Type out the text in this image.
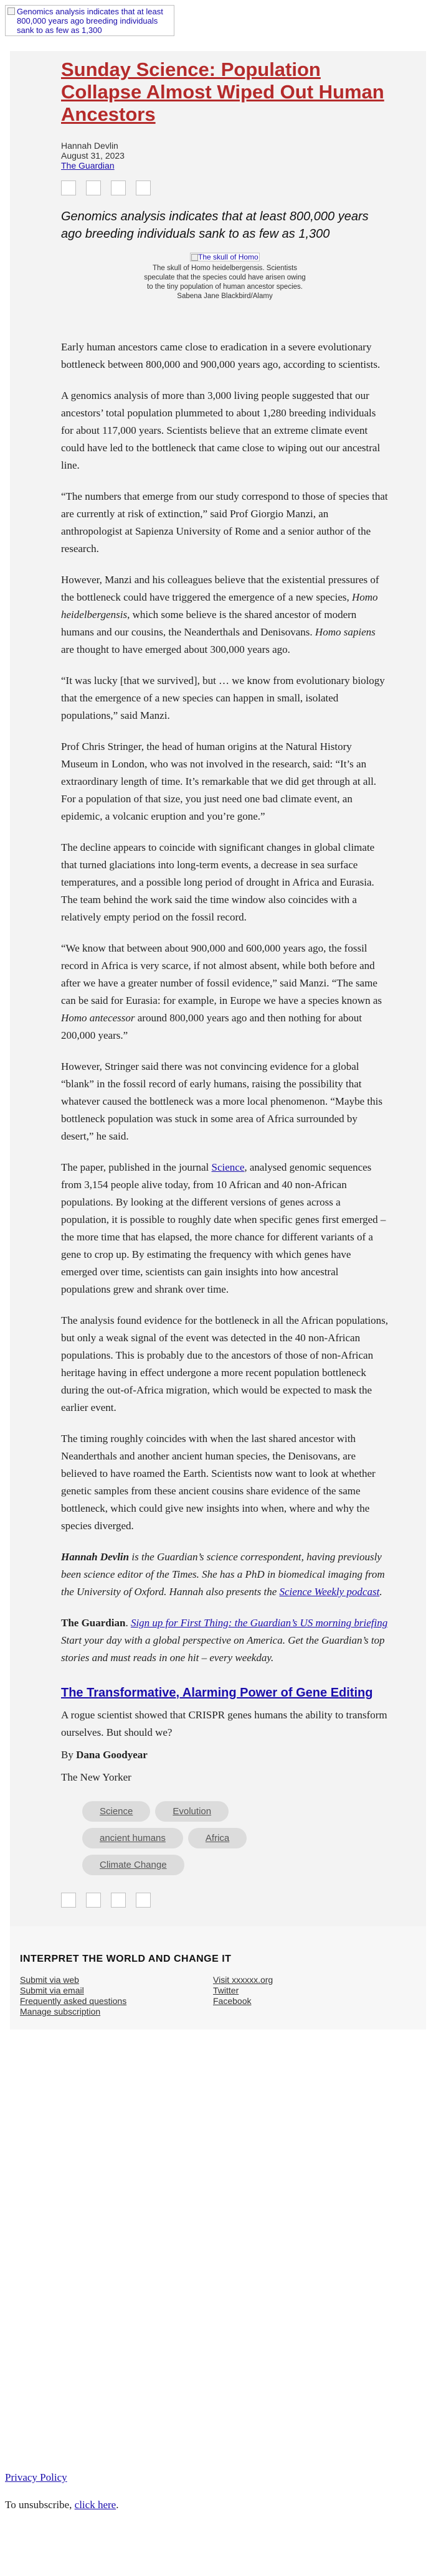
Genomics analysis indicates that at least 800,000 years ago breeding individuals sank to as few as 1,300
Sunday Science: Population Collapse Almost Wiped Out Human Ancestors
Hannah Devlin
August 31, 2023
The Guardian

Genomics analysis indicates that at least 800,000 years ago breeding individuals sank to as few as 1,300

The skull of Homo
The skull of Homo heidelbergensis. Scientists speculate that the species could have arisen owing to the tiny population of human ancestor species. Sabena Jane Blackbird/Alamy

Early human ancestors came close to eradication in a severe evolutionary bottleneck between 800,000 and 900,000 years ago, according to scientists.

A genomics analysis of more than 3,000 living people suggested that our ancestors’ total population plummeted to about 1,280 breeding individuals for about 117,000 years. Scientists believe that an extreme climate event could have led to the bottleneck that came close to wiping out our ancestral line.

“The numbers that emerge from our study correspond to those of species that are currently at risk of extinction,” said Prof Giorgio Manzi, an anthropologist at Sapienza University of Rome and a senior author of the research.

However, Manzi and his colleagues believe that the existential pressures of the bottleneck could have triggered the emergence of a new species, Homo heidelbergensis, which some believe is the shared ancestor of modern humans and our cousins, the Neanderthals and Denisovans. Homo sapiens are thought to have emerged about 300,000 years ago.

“It was lucky [that we survived], but … we know from evolutionary biology that the emergence of a new species can happen in small, isolated populations,” said Manzi.

Prof Chris Stringer, the head of human origins at the Natural History Museum in London, who was not involved in the research, said: “It’s an extraordinary length of time. It’s remarkable that we did get through at all. For a population of that size, you just need one bad climate event, an epidemic, a volcanic eruption and you’re gone.”

The decline appears to coincide with significant changes in global climate that turned glaciations into long-term events, a decrease in sea surface temperatures, and a possible long period of drought in Africa and Eurasia. The team behind the work said the time window also coincides with a relatively empty period on the fossil record.

“We know that between about 900,000 and 600,000 years ago, the fossil record in Africa is very scarce, if not almost absent, while both before and after we have a greater number of fossil evidence,” said Manzi. “The same can be said for Eurasia: for example, in Europe we have a species known as Homo antecessor around 800,000 years ago and then nothing for about 200,000 years.”

However, Stringer said there was not convincing evidence for a global “blank” in the fossil record of early humans, raising the possibility that whatever caused the bottleneck was a more local phenomenon. “Maybe this bottleneck population was stuck in some area of Africa surrounded by desert,” he said.

The paper, published in the journal Science, analysed genomic sequences from 3,154 people alive today, from 10 African and 40 non-African populations. By looking at the different versions of genes across a population, it is possible to roughly date when specific genes first emerged – the more time that has elapsed, the more chance for different variants of a gene to crop up. By estimating the frequency with which genes have emerged over time, scientists can gain insights into how ancestral populations grew and shrank over time.

The analysis found evidence for the bottleneck in all the African populations, but only a weak signal of the event was detected in the 40 non-African populations. This is probably due to the ancestors of those of non-African heritage having in effect undergone a more recent population bottleneck during the out-of-Africa migration, which would be expected to mask the earlier event.

The timing roughly coincides with when the last shared ancestor with Neanderthals and another ancient human species, the Denisovans, are believed to have roamed the Earth. Scientists now want to look at whether genetic samples from these ancient cousins share evidence of the same bottleneck, which could give new insights into when, where and why the species diverged.

Hannah Devlin is the Guardian’s science correspondent, having previously been science editor of the Times. She has a PhD in biomedical imaging from the University of Oxford. Hannah also presents the Science Weekly podcast.

The Guardian. Sign up for First Thing: the Guardian’s US morning briefing
Start your day with a global perspective on America. Get the Guardian’s top stories and must reads in one hit – every weekday.

The Transformative, Alarming Power of Gene Editing
A rogue scientist showed that CRISPR genes humans the ability to transform ourselves. But should we?
By Dana Goodyear
The New Yorker
Science	Evolution
ancient humans	Africa
Climate Change
INTERPRET THE WORLD AND CHANGE IT
Submit via web
Submit via email
Frequently asked questions
Manage subscription
Visit xxxxxx.org
Twitter
Facebook
Privacy Policy
To unsubscribe, click here.
